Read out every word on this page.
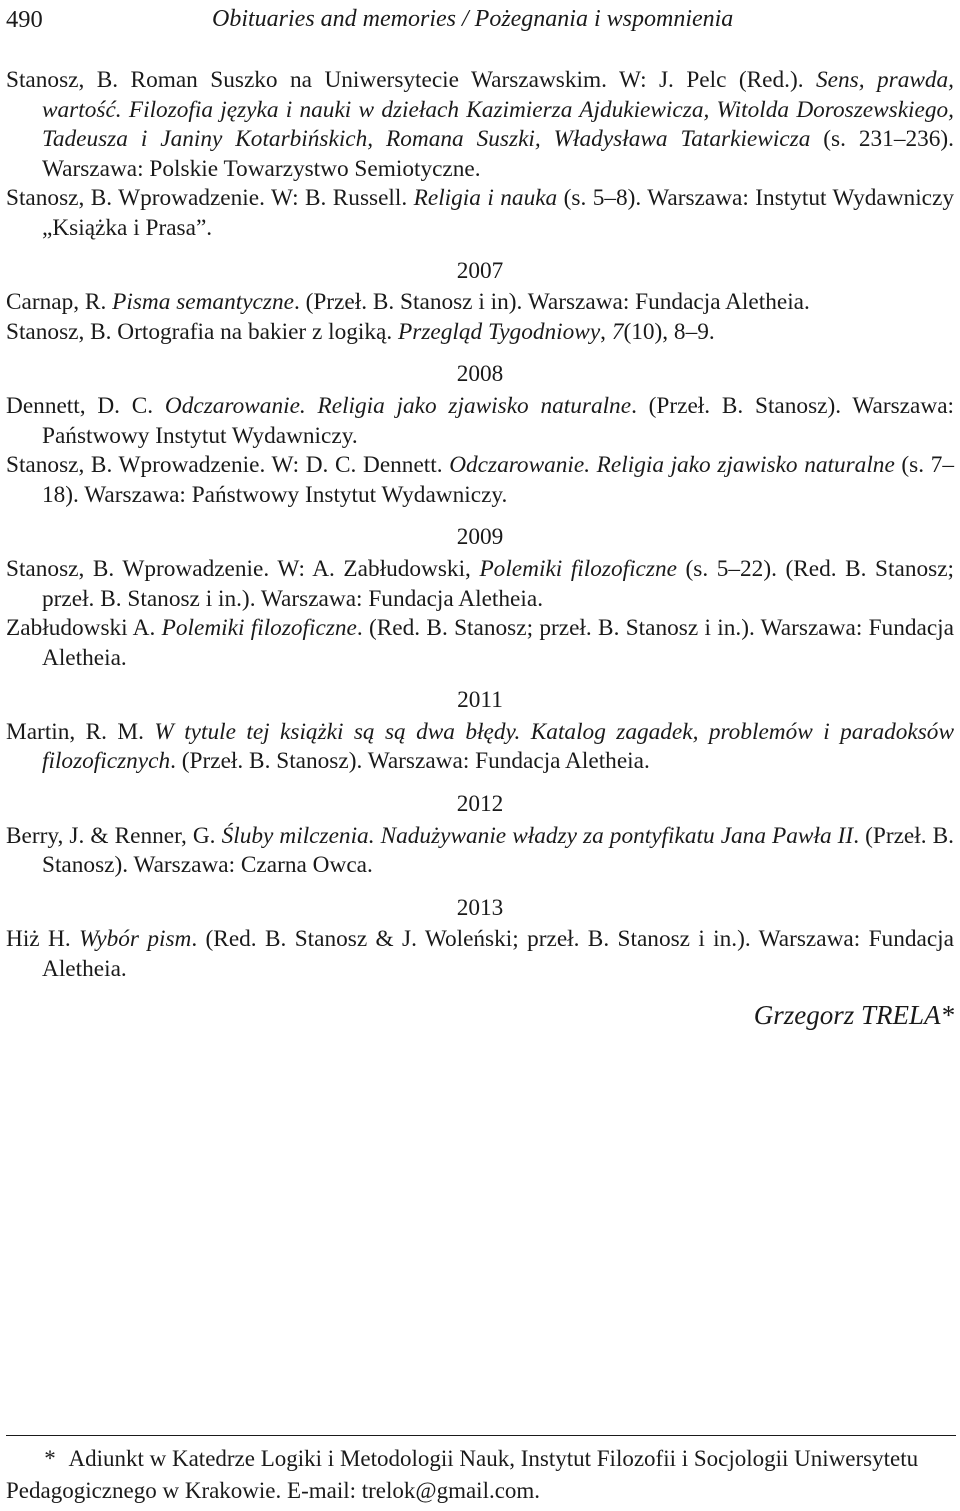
490	Obituaries and memories / Pożegnania i wspomnienia

Stanosz, B. Roman Suszko na Uniwersytecie Warszawskim. W: J. Pelc (Red.). Sens, prawda, wartość. Filozofia języka i nauki w dziełach Kazimierza Ajdukiewicza, Witolda Doroszewskiego, Tadeusza i Janiny Kotarbińskich, Romana Suszki, Władysława Tatarkiewicza (s. 231–236). Warszawa: Polskie Towarzystwo Semiotyczne.

Stanosz, B. Wprowadzenie. W: B. Russell. Religia i nauka (s. 5–8). Warszawa: Instytut Wydawniczy „Książka i Prasa”.

2007

Carnap, R. Pisma semantyczne. (Przeł. B. Stanosz i in). Warszawa: Fundacja Aletheia.

Stanosz, B. Ortografia na bakier z logiką. Przegląd Tygodniowy, 7(10), 8–9.

2008

Dennett, D. C. Odczarowanie. Religia jako zjawisko naturalne. (Przeł. B. Stanosz). Warszawa: Państwowy Instytut Wydawniczy.

Stanosz, B. Wprowadzenie. W: D. C. Dennett. Odczarowanie. Religia jako zjawisko naturalne (s. 7–18). Warszawa: Państwowy Instytut Wydawniczy.

2009

Stanosz, B. Wprowadzenie. W: A. Zabłudowski, Polemiki filozoficzne (s. 5–22). (Red. B. Stanosz; przeł. B. Stanosz i in.). Warszawa: Fundacja Aletheia.

Zabłudowski A. Polemiki filozoficzne. (Red. B. Stanosz; przeł. B. Stanosz i in.). Warszawa: Fundacja Aletheia.

2011

Martin, R. M. W tytule tej książki są są dwa błędy. Katalog zagadek, problemów i paradoksów filozoficznych. (Przeł. B. Stanosz). Warszawa: Fundacja Aletheia.

2012

Berry, J. & Renner, G. Śluby milczenia. Nadużywanie władzy za pontyfikatu Jana Pawła II. (Przeł. B. Stanosz). Warszawa: Czarna Owca.

2013

Hiż H. Wybór pism. (Red. B. Stanosz & J. Woleński; przeł. B. Stanosz i in.). Warszawa: Fundacja Aletheia.

Grzegorz TRELA*
* Adiunkt w Katedrze Logiki i Metodologii Nauk, Instytut Filozofii i Socjologii Uniwersytetu Pedagogicznego w Krakowie. E-mail: trelok@gmail.com.
